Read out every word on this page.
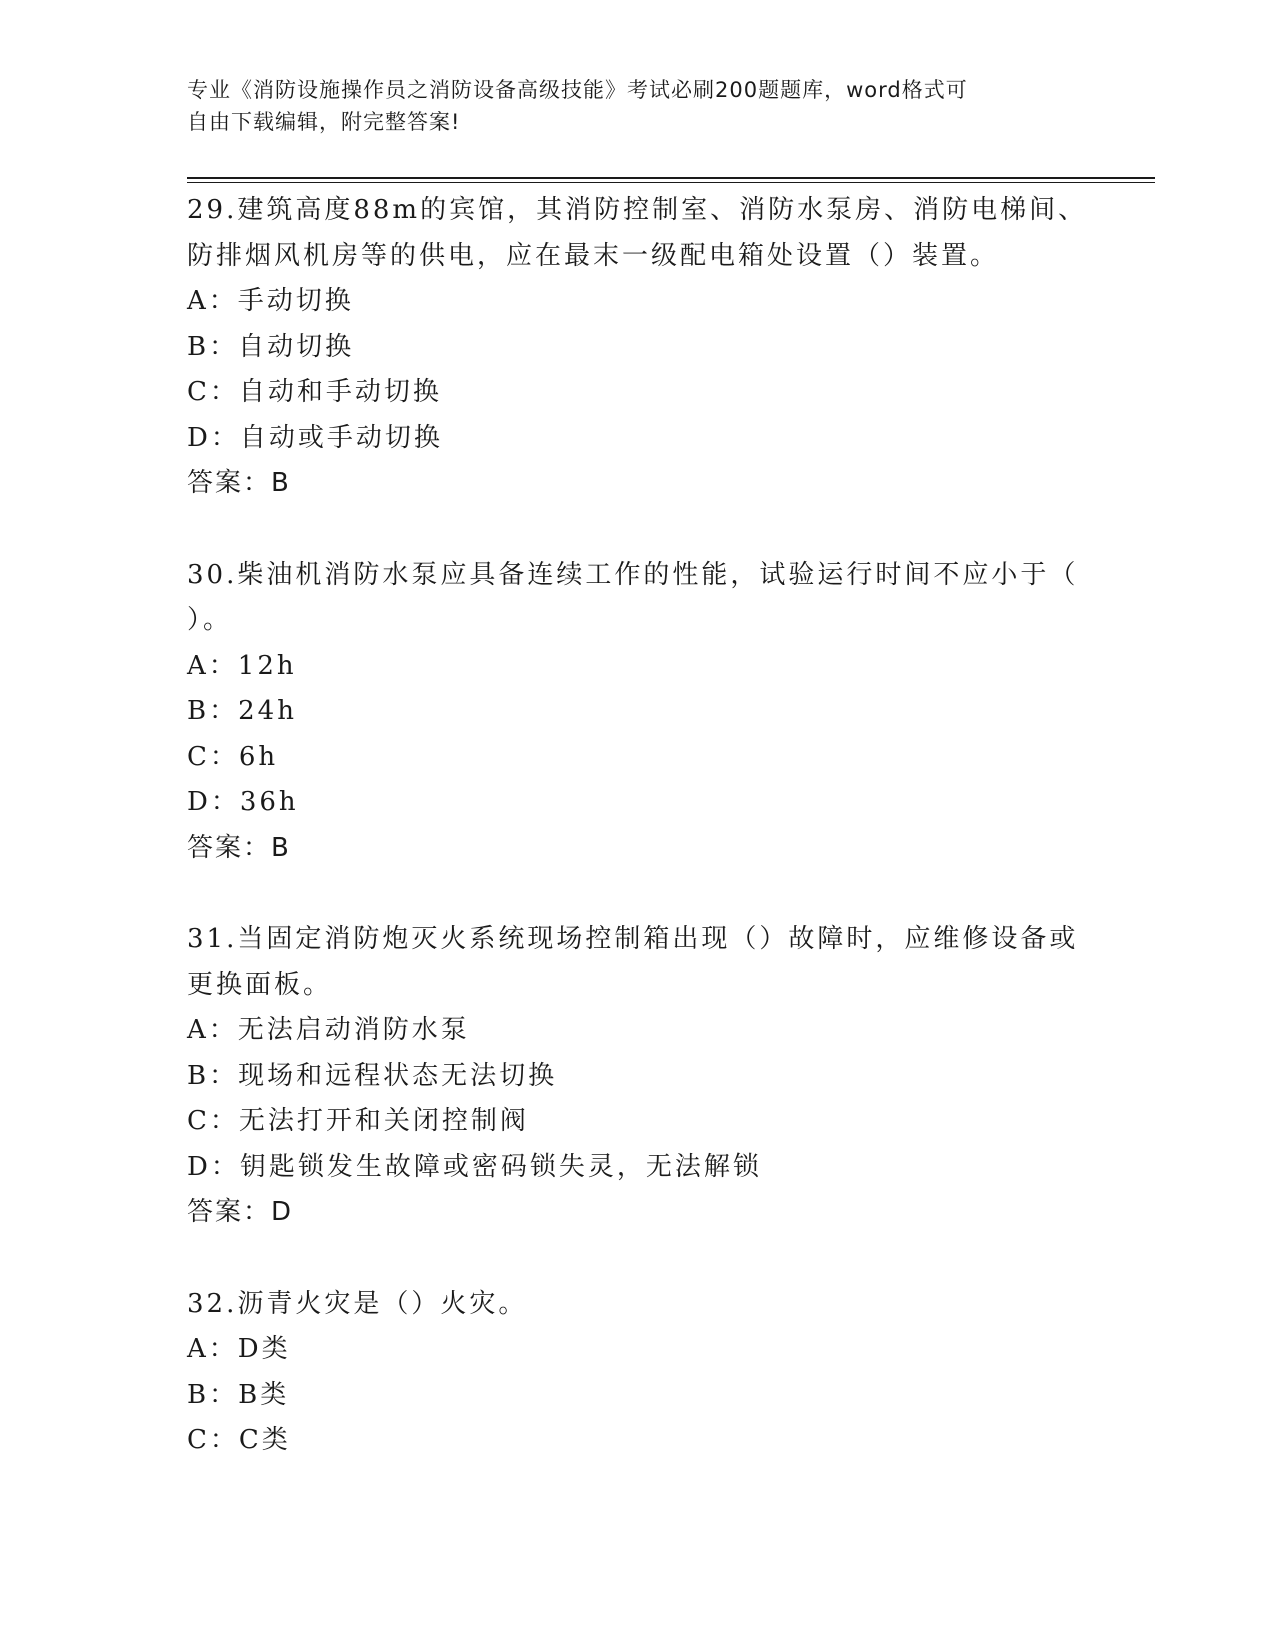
专业《消防设施操作员之消防设备高级技能》考试必刷200题题库，word格式可
自由下载编辑，附完整答案!
29.建筑高度88m的宾馆，其消防控制室、消防水泵房、消防电梯间、
防排烟风机房等的供电，应在最末一级配电箱处设置（）装置。
A：手动切换
B：自动切换
C：自动和手动切换
D：自动或手动切换
答案：B
30.柴油机消防水泵应具备连续工作的性能，试验运行时间不应小于（
）。
A：12h
B：24h
C：6h
D：36h
答案：B
31.当固定消防炮灭火系统现场控制箱出现（）故障时，应维修设备或
更换面板。
A：无法启动消防水泵
B：现场和远程状态无法切换
C：无法打开和关闭控制阀
D：钥匙锁发生故障或密码锁失灵，无法解锁
答案：D
32.沥青火灾是（）火灾。
A：D类
B：B类
C：C类
